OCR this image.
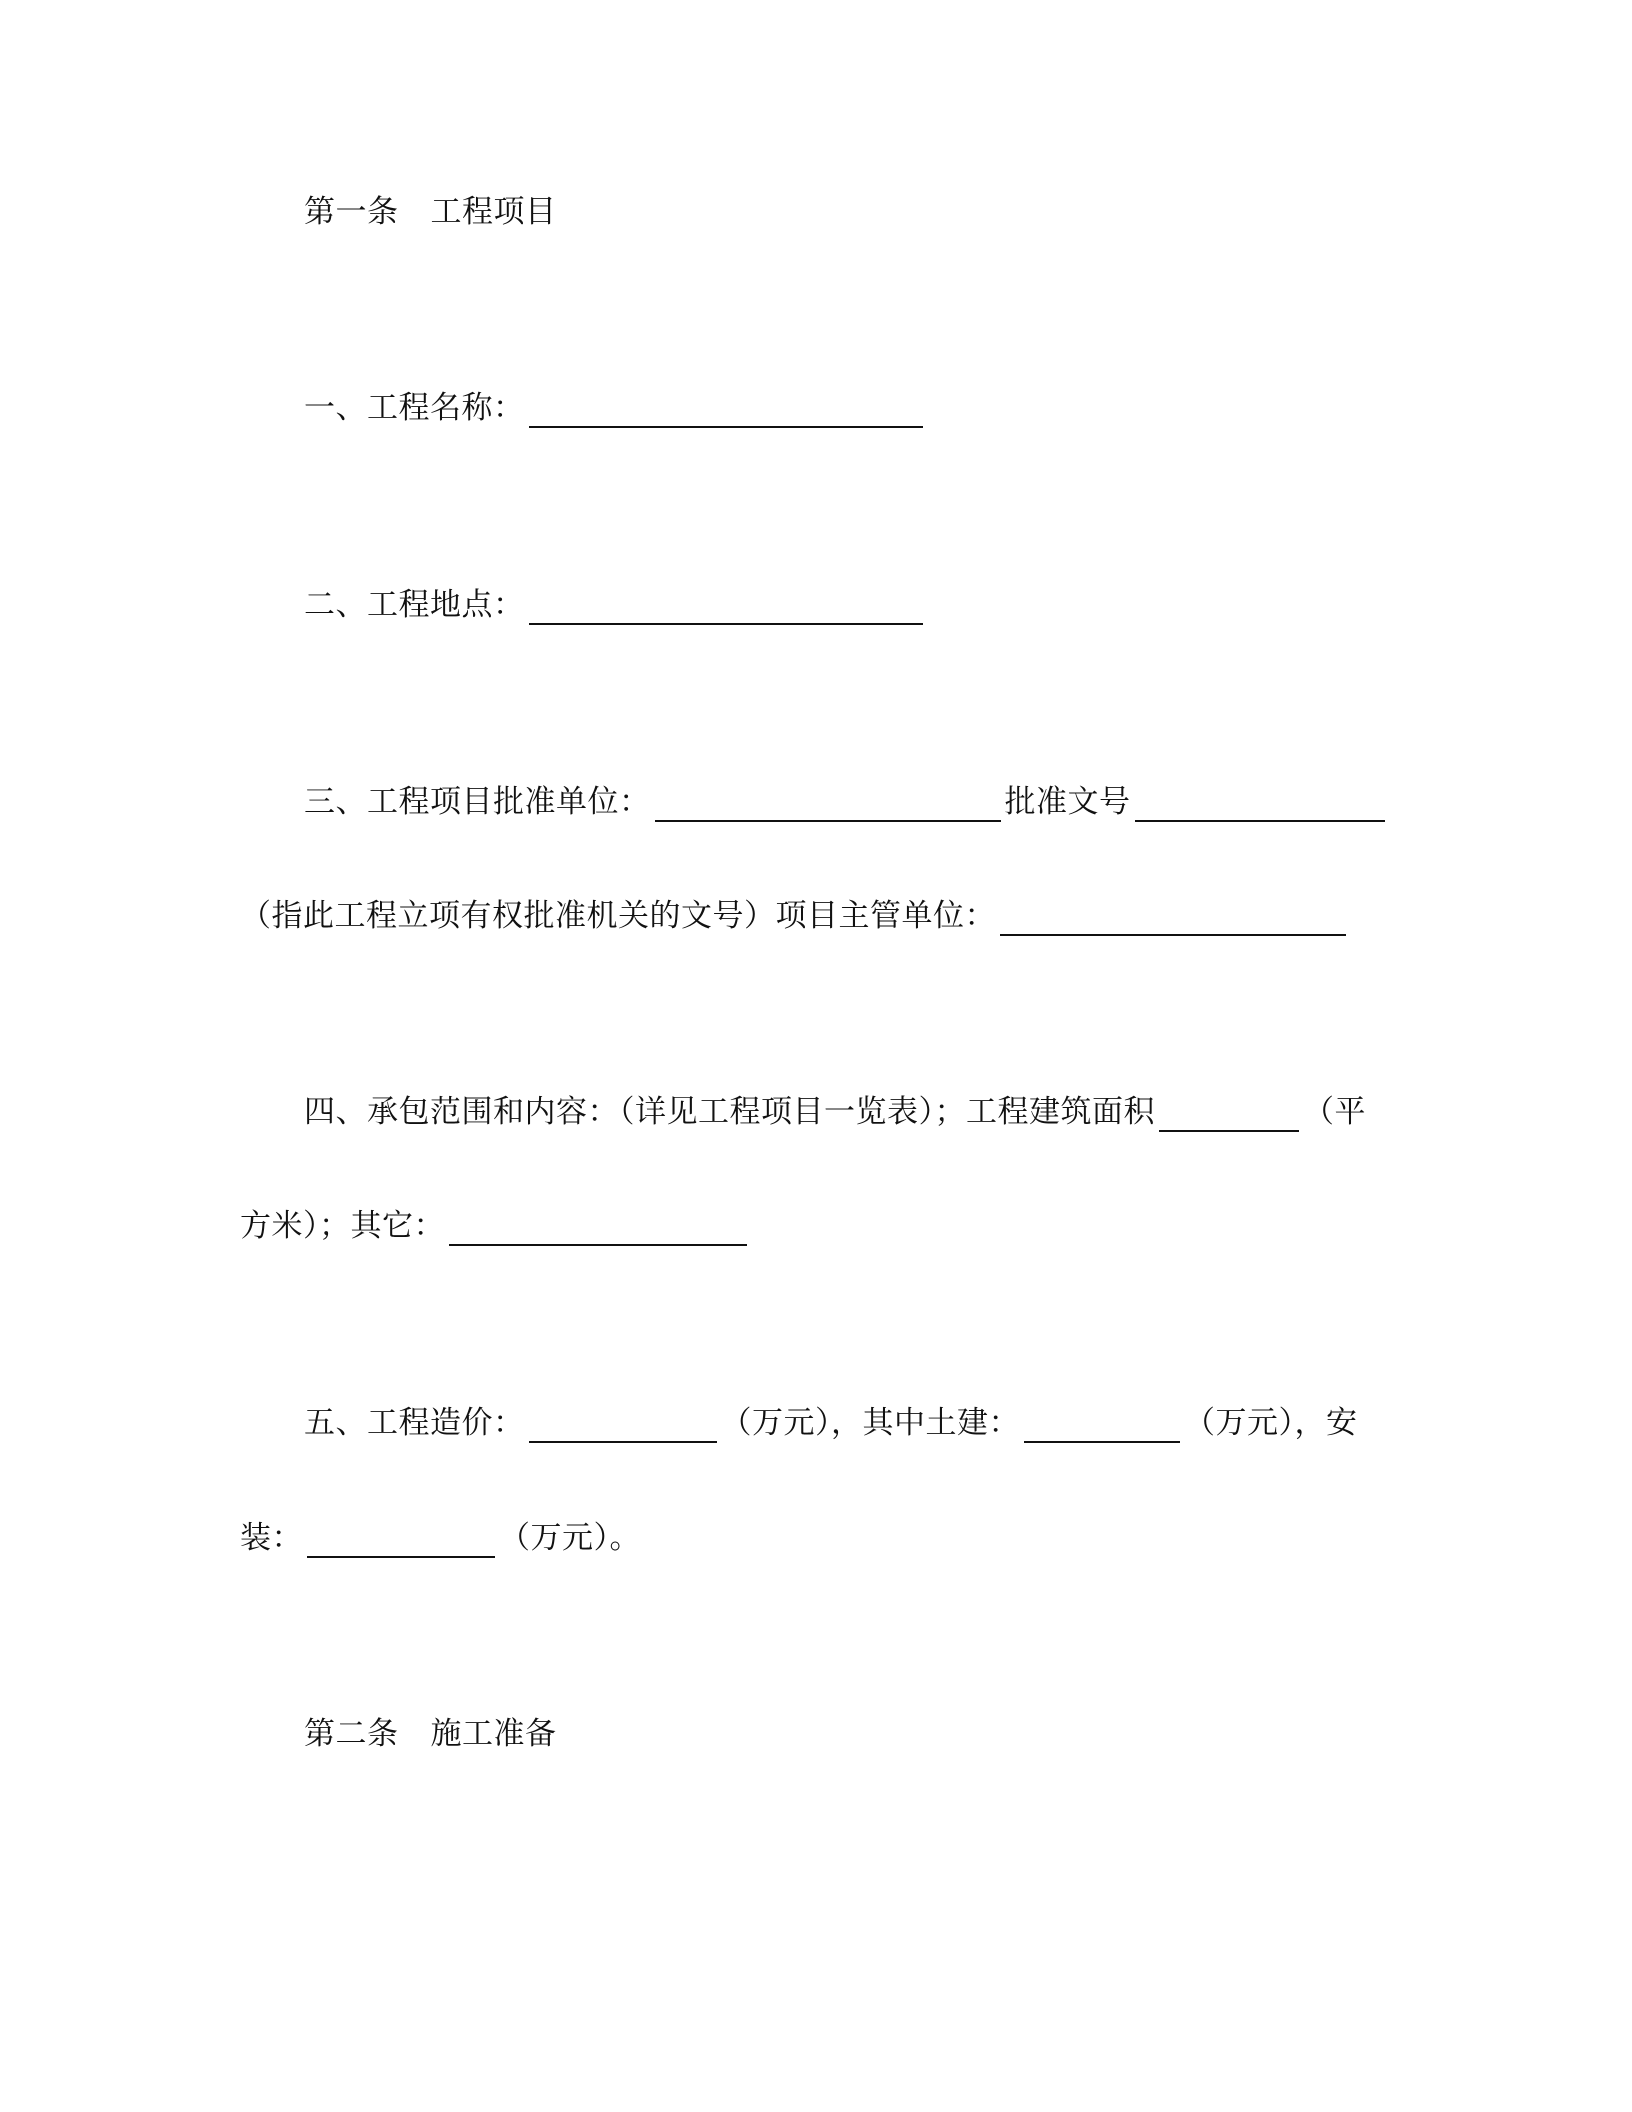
第一条 工程项目
一、工程名称：
二、工程地点：
三、工程项目批准单位：	批准文号
（指此工程立项有权批准机关的文号）项目主管单位：
四、承包范围和内容：（详见工程项目一览表）；工程建筑面积	（平
方米）；其它：
五、工程造价：	（万元），其中土建：	（万元），安
装：	（万元）。
第二条 施工准备
